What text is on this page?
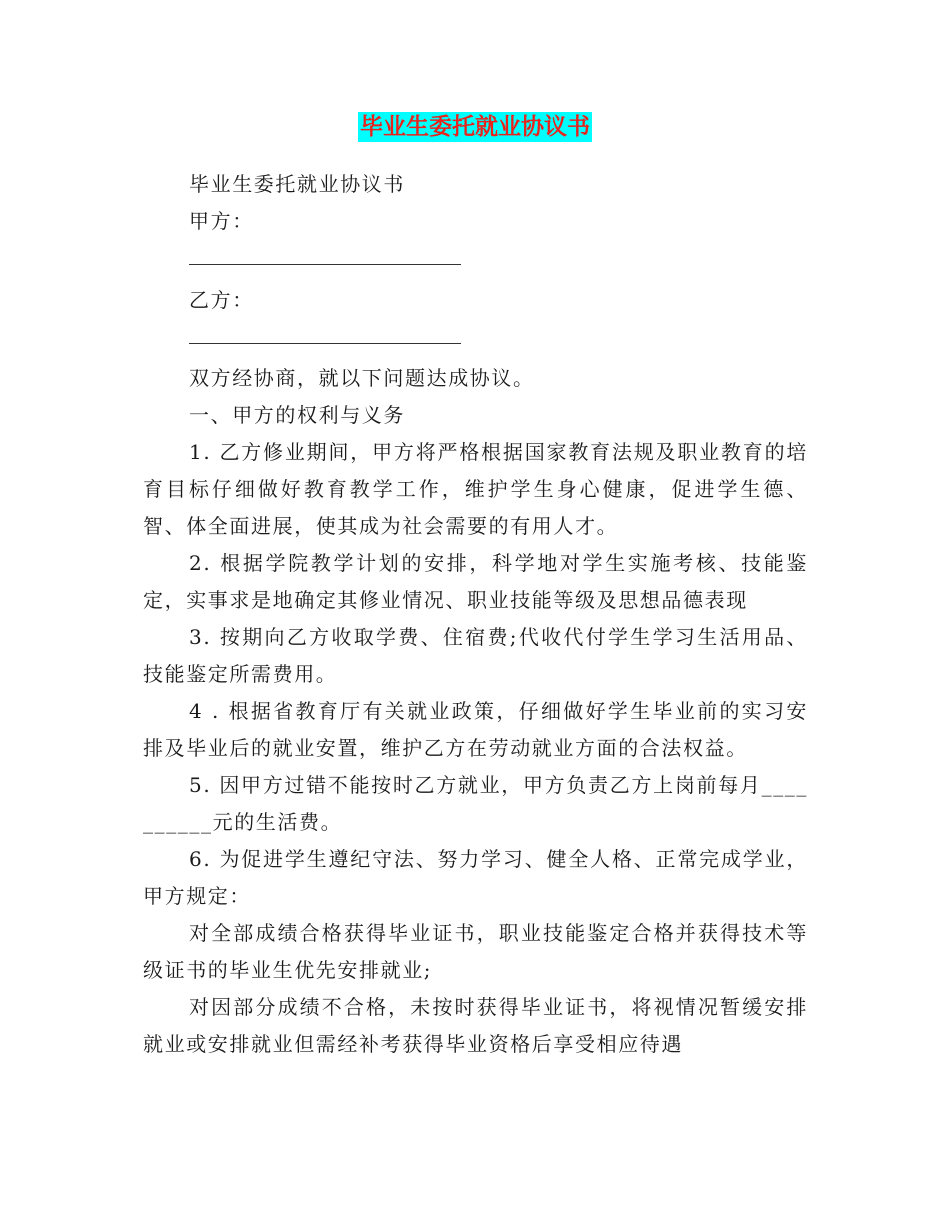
毕业生委托就业协议书

毕业生委托就业协议书

甲方：

乙方：

双方经协商，就以下问题达成协议。

一、甲方的权利与义务

1. 乙方修业期间，甲方将严格根据国家教育法规及职业教育的培育目标仔细做好教育教学工作，维护学生身心健康，促进学生德、智、体全面进展，使其成为社会需要的有用人才。

2. 根据学院教学计划的安排，科学地对学生实施考核、技能鉴定，实事求是地确定其修业情况、职业技能等级及思想品德表现

3. 按期向乙方收取学费、住宿费;代收代付学生学习生活用品、技能鉴定所需费用。

4 . 根据省教育厅有关就业政策，仔细做好学生毕业前的实习安排及毕业后的就业安置，维护乙方在劳动就业方面的合法权益。

5. 因甲方过错不能按时乙方就业，甲方负责乙方上岗前每月__________元的生活费。

6. 为促进学生遵纪守法、努力学习、健全人格、正常完成学业，甲方规定：

对全部成绩合格获得毕业证书，职业技能鉴定合格并获得技术等级证书的毕业生优先安排就业;

对因部分成绩不合格，未按时获得毕业证书，将视情况暂缓安排就业或安排就业但需经补考获得毕业资格后享受相应待遇
